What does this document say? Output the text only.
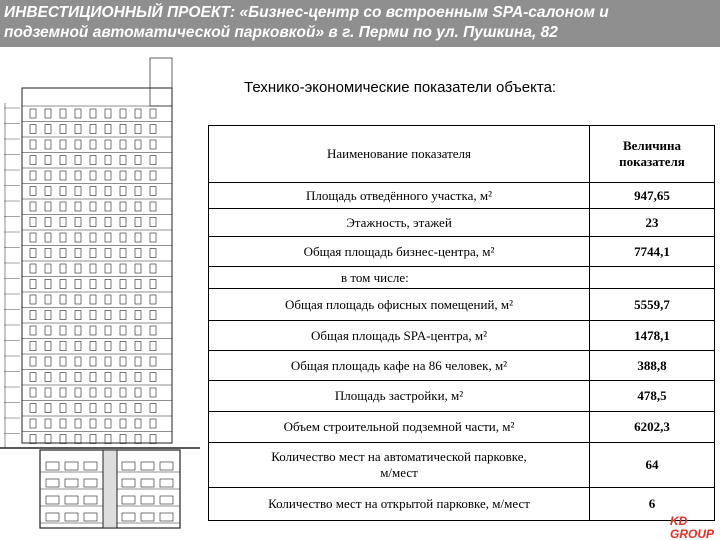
ИНВЕСТИЦИОННЫЙ ПРОЕКТ: «Бизнес-центр со встроенным SPA-салоном и
подземной автоматической парковкой» в г. Перми по ул. Пушкина, 82
Технико-экономические показатели объекта:
Наименование показателя	Величина
показателя

Площадь отведённого участка, м²	947,65
Этажность, этажей	23
Общая площадь бизнес-центра, м²	7744,1
в том числе:	
Общая площадь офисных помещений, м²	5559,7
Общая площадь SPA-центра, м²	1478,1
Общая площадь кафе на 86 человек, м²	388,8
Площадь застройки, м²	478,5
Объем строительной подземной части, м²	6202,3

Количество мест на автоматической парковке,
м/мест	64
Количество мест на открытой парковке, м/мест	6
KD
GROUP
